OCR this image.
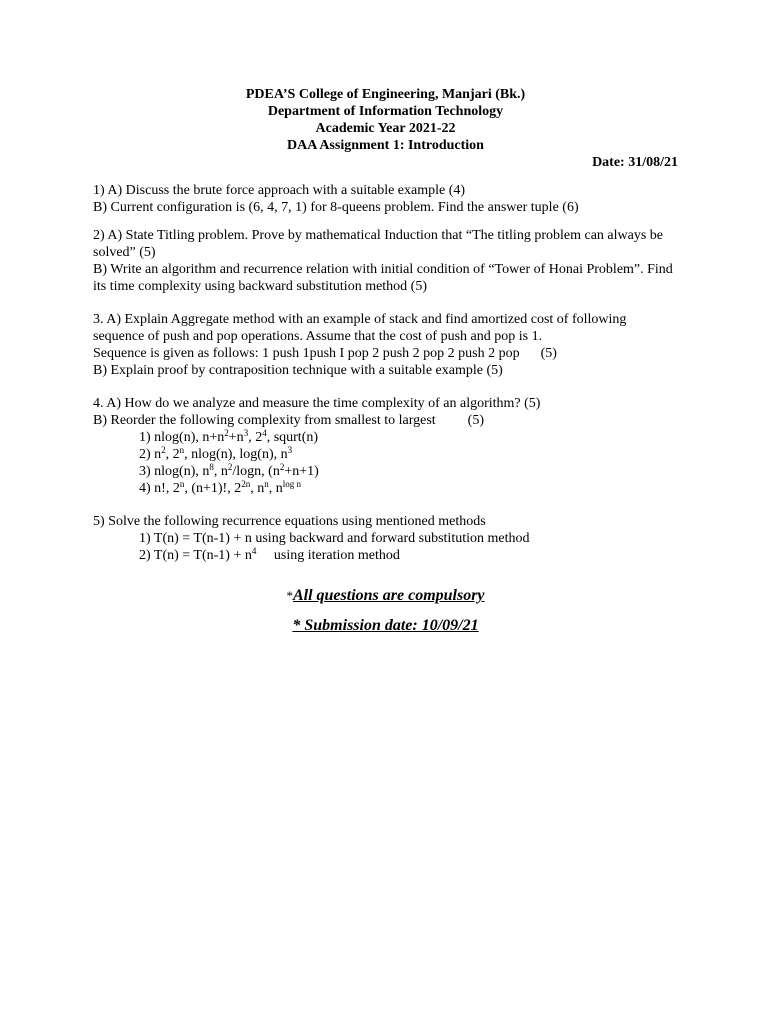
PDEA’S College of Engineering, Manjari (Bk.)
Department of Information Technology
Academic Year 2021-22
DAA Assignment 1: Introduction
Date: 31/08/21

1) A) Discuss the brute force approach with a suitable example (4)

B) Current configuration is (6, 4, 7, 1) for 8-queens problem. Find the answer tuple (6)

2) A) State Titling problem. Prove by mathematical Induction that “The titling problem can always be solved” (5)

B) Write an algorithm and recurrence relation with initial condition of “Tower of Honai Problem”. Find its time complexity using backward substitution method (5)

3. A) Explain Aggregate method with an example of stack and find amortized cost of following sequence of push and pop operations. Assume that the cost of push and pop is 1.

Sequence is given as follows: 1 push 1push I pop 2 push 2 pop 2 push 2 pop      (5)

B) Explain proof by contraposition technique with a suitable example (5)

4. A) How do we analyze and measure the time complexity of an algorithm? (5)

B) Reorder the following complexity from smallest to largest (5)

1) nlog(n), $n+n^2+n^3$, $2^4$, squrt(n)
2) $n^2$, 2$^n$, nlog(n), log(n), $n^3$
3) nlog(n), $n^8$, $n^2$/logn, $(n^2+n+1)$
4) n!, 2$^n$, (n+1)!, $2^{2n}$, $n^n$, $n^{log n}$

5) Solve the following recurrence equations using mentioned methods

1) T(n) = T(n-1) + n using backward and forward substitution method
2) $T(n) = T(n-1) + n^4$     using iteration method
*All questions are compulsory
* Submission date: 10/09/21
